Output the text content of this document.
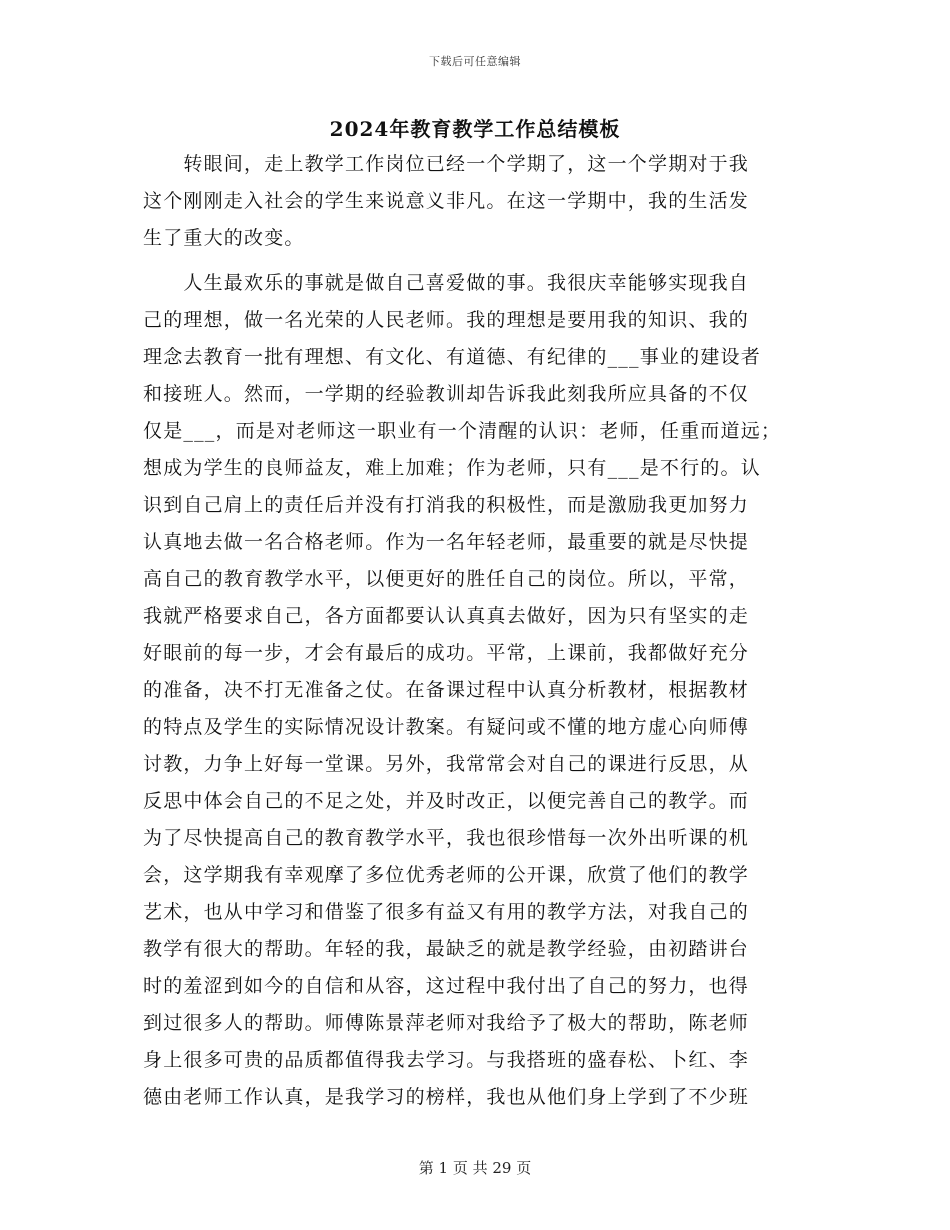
下载后可任意编辑
2024年教育教学工作总结模板
　　转眼间，走上教学工作岗位已经一个学期了，这一个学期对于我
这个刚刚走入社会的学生来说意义非凡。在这一学期中，我的生活发
生了重大的改变。
　　人生最欢乐的事就是做自己喜爱做的事。我很庆幸能够实现我自
己的理想，做一名光荣的人民老师。我的理想是要用我的知识、我的
理念去教育一批有理想、有文化、有道德、有纪律的___事业的建设者
和接班人。然而，一学期的经验教训却告诉我此刻我所应具备的不仅
仅是___，而是对老师这一职业有一个清醒的认识：老师，任重而道远；
想成为学生的良师益友，难上加难；作为老师，只有___是不行的。认
识到自己肩上的责任后并没有打消我的积极性，而是激励我更加努力
认真地去做一名合格老师。作为一名年轻老师，最重要的就是尽快提
高自己的教育教学水平，以便更好的胜任自己的岗位。所以，平常，
我就严格要求自己，各方面都要认认真真去做好，因为只有坚实的走
好眼前的每一步，才会有最后的成功。平常，上课前，我都做好充分
的准备，决不打无准备之仗。在备课过程中认真分析教材，根据教材
的特点及学生的实际情况设计教案。有疑问或不懂的地方虚心向师傅
讨教，力争上好每一堂课。另外，我常常会对自己的课进行反思，从
反思中体会自己的不足之处，并及时改正，以便完善自己的教学。而
为了尽快提高自己的教育教学水平，我也很珍惜每一次外出听课的机
会，这学期我有幸观摩了多位优秀老师的公开课，欣赏了他们的教学
艺术，也从中学习和借鉴了很多有益又有用的教学方法，对我自己的
教学有很大的帮助。年轻的我，最缺乏的就是教学经验，由初踏讲台
时的羞涩到如今的自信和从容，这过程中我付出了自己的努力，也得
到过很多人的帮助。师傅陈景萍老师对我给予了极大的帮助，陈老师
身上很多可贵的品质都值得我去学习。与我搭班的盛春松、卜红、李
德由老师工作认真，是我学习的榜样，我也从他们身上学到了不少班
第 1 页 共 29 页
